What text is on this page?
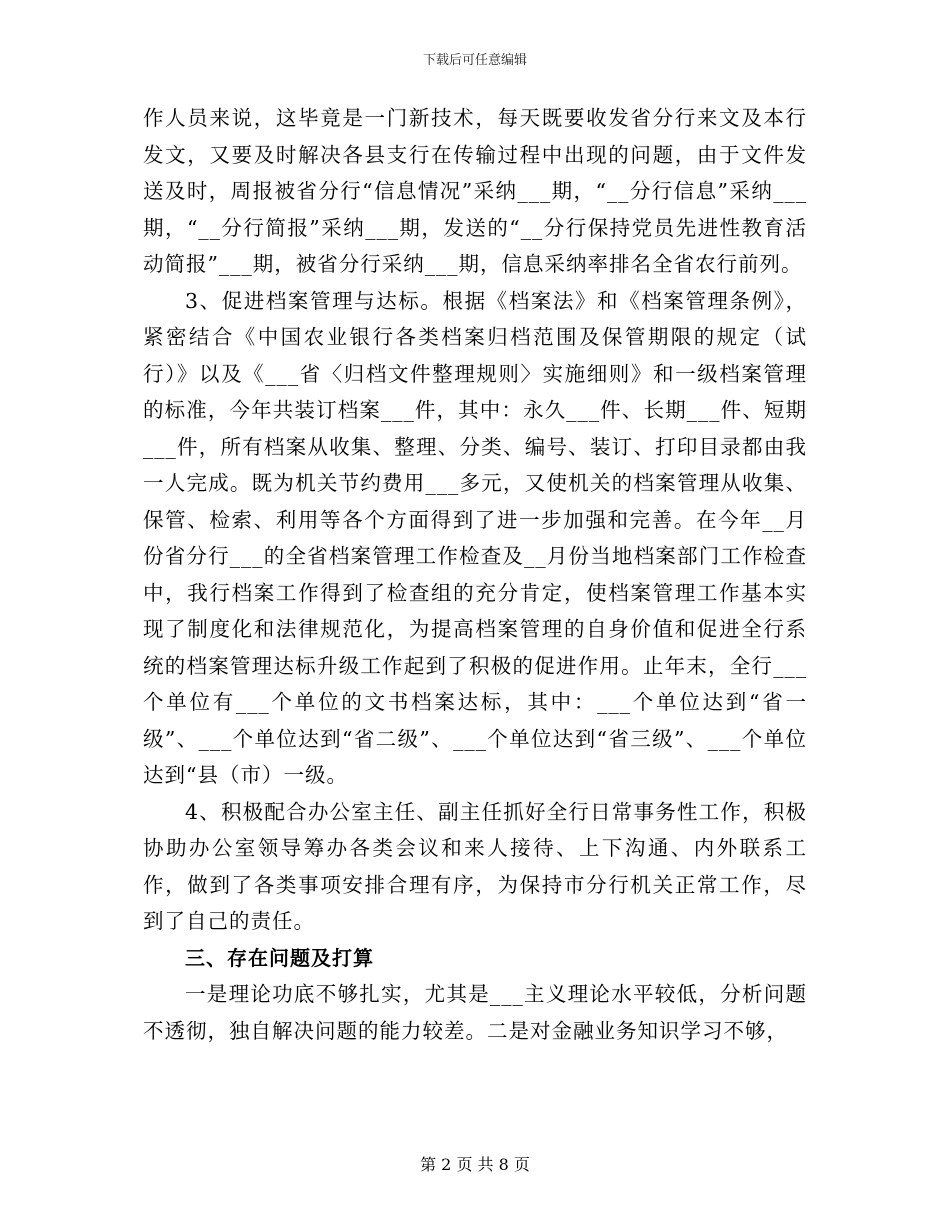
下载后可任意编辑

作人员来说，这毕竟是一门新技术，每天既要收发省分行来文及本行发文，又要及时解决各县支行在传输过程中出现的问题，由于文件发送及时，周报被省分行“信息情况”采纳___期，“__分行信息”采纳___期，“__分行简报”采纳___期，发送的“__分行保持党员先进性教育活动简报”___期，被省分行采纳___期，信息采纳率排名全省农行前列。

3、促进档案管理与达标。根据《档案法》和《档案管理条例》，紧密结合《中国农业银行各类档案归档范围及保管期限的规定（试行）》以及《___省〈归档文件整理规则〉实施细则》和一级档案管理的标准，今年共装订档案___件，其中：永久___件、长期___件、短期___件，所有档案从收集、整理、分类、编号、装订、打印目录都由我一人完成。既为机关节约费用___多元，又使机关的档案管理从收集、保管、检索、利用等各个方面得到了进一步加强和完善。在今年__月份省分行___的全省档案管理工作检查及__月份当地档案部门工作检查中，我行档案工作得到了检查组的充分肯定，使档案管理工作基本实现了制度化和法律规范化，为提高档案管理的自身价值和促进全行系统的档案管理达标升级工作起到了积极的促进作用。止年末，全行___个单位有___个单位的文书档案达标，其中：___个单位达到“省一级”、___个单位达到“省二级”、___个单位达到“省三级”、___个单位达到“县（市）一级。

4、积极配合办公室主任、副主任抓好全行日常事务性工作，积极协助办公室领导筹办各类会议和来人接待、上下沟通、内外联系工作，做到了各类事项安排合理有序，为保持市分行机关正常工作，尽到了自己的责任。

三、存在问题及打算

一是理论功底不够扎实，尤其是___主义理论水平较低，分析问题不透彻，独自解决问题的能力较差。二是对金融业务知识学习不够，

第 2 页 共 8 页
